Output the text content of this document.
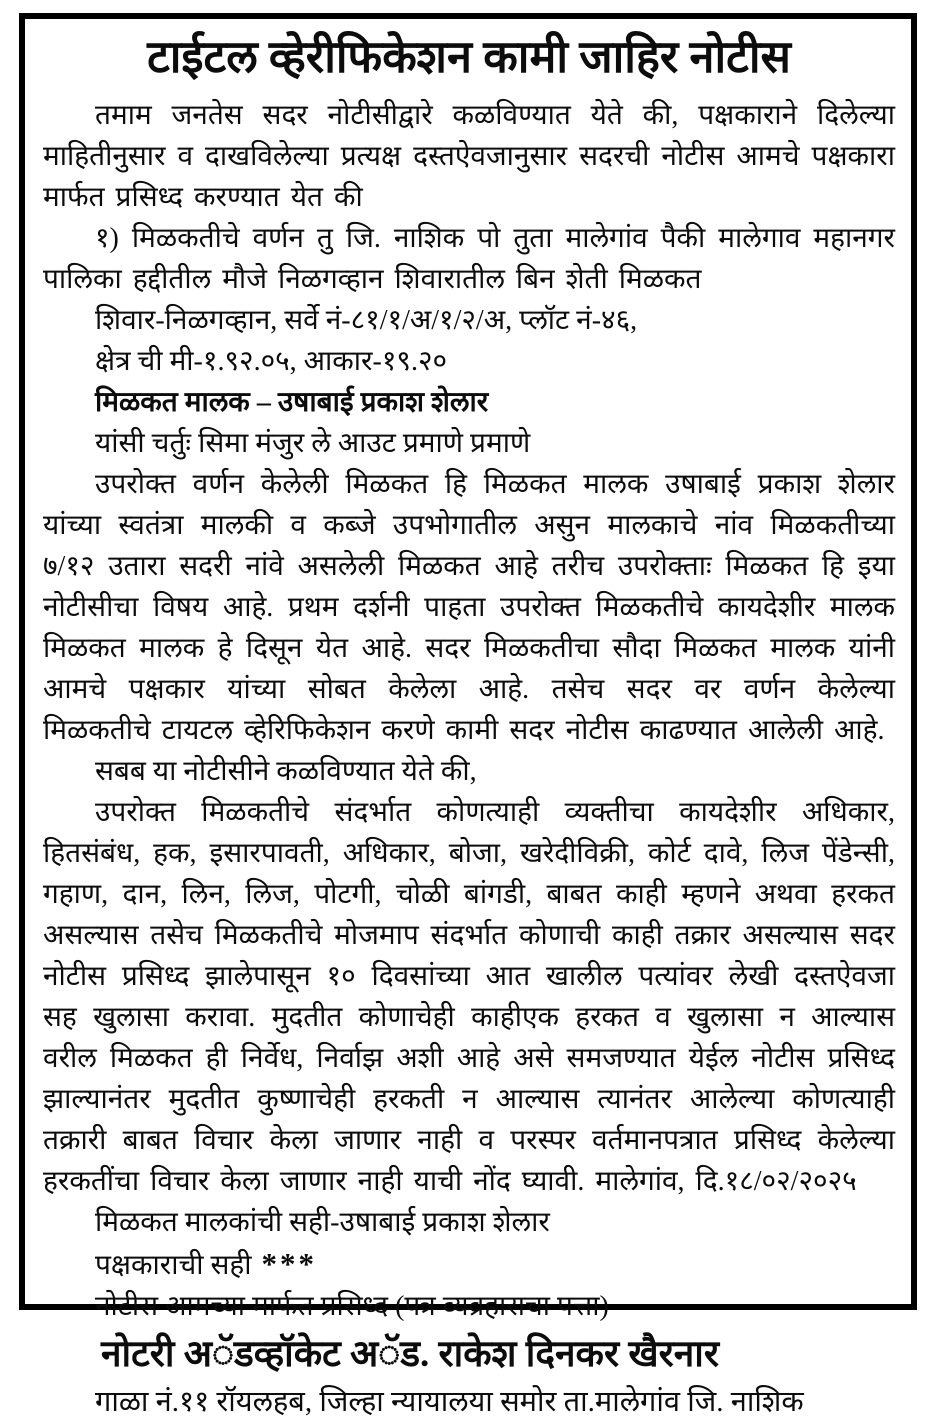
टाईटल व्हेरीफिकेशन कामी जाहिर नोटीस

तमाम जनतेस सदर नोटीसीद्वारे कळविण्यात येते की, पक्षकाराने दिलेल्या माहितीनुसार व दाखविलेल्या प्रत्यक्ष दस्तऐवजानुसार सदरची नोटीस आमचे पक्षकारा मार्फत प्रसिध्द करण्यात येत की

१) मिळकतीचे वर्णन तु जि. नाशिक पो तुता मालेगांव पैकी मालेगाव महानगर पालिका हद्दीतील मौजे निळगव्हान शिवारातील बिन शेती मिळकत

शिवार-निळगव्हान, सर्वे नं-८१/१/अ/१/२/अ, प्लॉट नं-४६,

क्षेत्र ची मी-१.९२.०५, आकार-१९.२०

मिळकत मालक – उषाबाई प्रकाश शेलार

यांसी चर्तुः सिमा मंजुर ले आउट प्रमाणे प्रमाणे

उपरोक्त वर्णन केलेली मिळकत हि मिळकत मालक उषाबाई प्रकाश शेलार यांच्या स्वतंत्रा मालकी व कब्जे उपभोगातील असुन मालकाचे नांव मिळकतीच्या ७/१२ उतारा सदरी नांवे असलेली मिळकत आहे तरीच उपरोक्ताः मिळकत हि इया नोटीसीचा विषय आहे. प्रथम दर्शनी पाहता उपरोक्त मिळकतीचे कायदेशीर मालक मिळकत मालक हे दिसून येत आहे. सदर मिळकतीचा सौदा मिळकत मालक यांनी आमचे पक्षकार यांच्या सोबत केलेला आहे. तसेच सदर वर वर्णन केलेल्या मिळकतीचे टायटल व्हेरिफिकेशन करणे कामी सदर नोटीस काढण्यात आलेली आहे.

सबब या नोटीसीने कळविण्यात येते की,

उपरोक्त मिळकतीचे संदर्भात कोणत्याही व्यक्तीचा कायदेशीर अधिकार, हितसंबंध, हक, इसारपावती, अधिकार, बोजा, खरेदीविक्री, कोर्ट दावे, लिज पेंडेन्सी, गहाण, दान, लिन, लिज, पोटगी, चोळी बांगडी, बाबत काही म्हणने अथवा हरकत असल्यास तसेच मिळकतीचे मोजमाप संदर्भात कोणाची काही तक्रार असल्यास सदर नोटीस प्रसिध्द झालेपासून १० दिवसांच्या आत खालील पत्यांवर लेखी दस्तऐवजा सह खुलासा करावा. मुदतीत कोणाचेही काहीएक हरकत व खुलासा न आल्यास वरील मिळकत ही निर्वेध, निर्वाझ अशी आहे असे समजण्यात येईल नोटीस प्रसिध्द झाल्यानंतर मुदतीत कुष्णाचेही हरकती न आल्यास त्यानंतर आलेल्या कोणत्याही तक्रारी बाबत विचार केला जाणार नाही व परस्पर वर्तमानपत्रात प्रसिध्द केलेल्या हरकतींचा विचार केला जाणार नाही याची नोंद घ्यावी. मालेगांव, दि.१८/०२/२०२५

मिळकत मालकांची सही-उषाबाई प्रकाश शेलार

पक्षकाराची सही ***

नोटीस आमच्या मार्फत प्रसिध्द (पत्र व्यव्रहाराचा पत्ता)

नोटरी अॅडव्हॉकेट अॅड. राकेश दिनकर खैरनार

गाळा नं.११ रॉयलहब, जिल्हा न्यायालया समोर ता.मालेगांव जि. नाशिक
